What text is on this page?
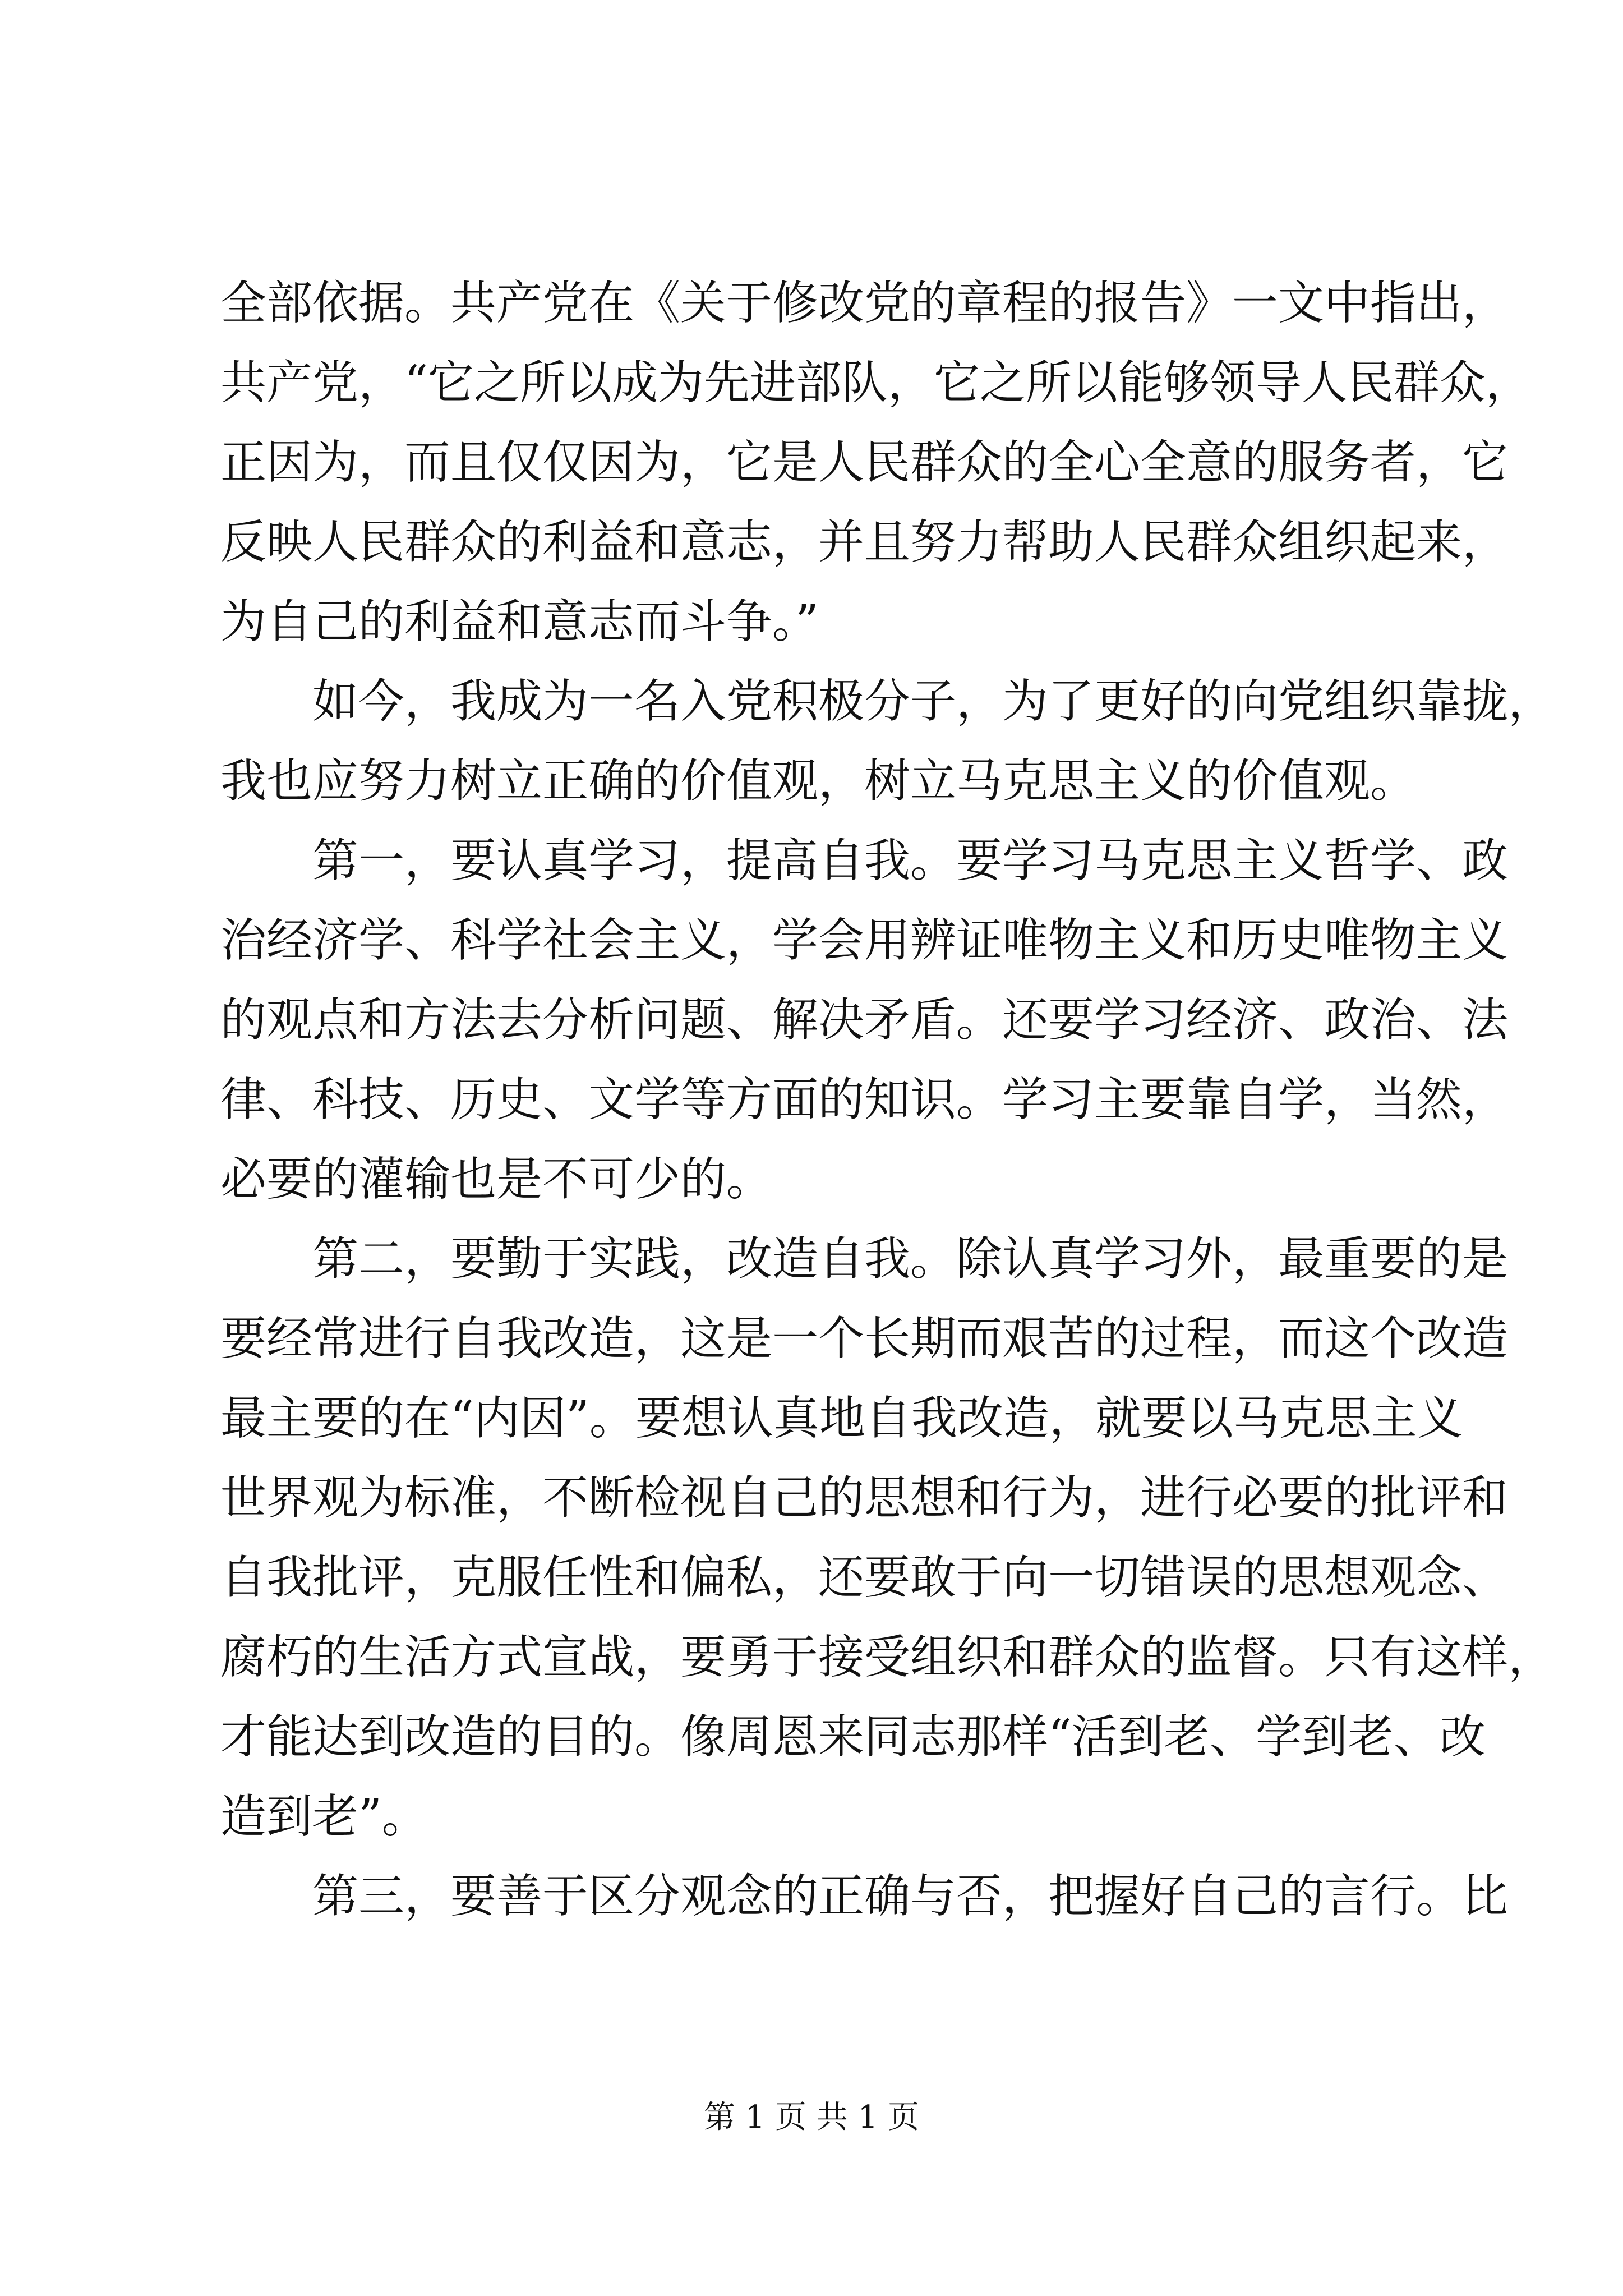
全部依据。共产党在《关于修改党的章程的报告》一文中指出，
共产党，“它之所以成为先进部队，它之所以能够领导人民群众，
正因为，而且仅仅因为，它是人民群众的全心全意的服务者，它
反映人民群众的利益和意志，并且努力帮助人民群众组织起来，
为自己的利益和意志而斗争。”
如今，我成为一名入党积极分子，为了更好的向党组织靠拢，
我也应努力树立正确的价值观，树立马克思主义的价值观。
第一，要认真学习，提高自我。要学习马克思主义哲学、政
治经济学、科学社会主义，学会用辨证唯物主义和历史唯物主义
的观点和方法去分析问题、解决矛盾。还要学习经济、政治、法
律、科技、历史、文学等方面的知识。学习主要靠自学，当然，
必要的灌输也是不可少的。
第二，要勤于实践，改造自我。除认真学习外，最重要的是
要经常进行自我改造，这是一个长期而艰苦的过程，而这个改造
最主要的在“内因”。要想认真地自我改造，就要以马克思主义
世界观为标准，不断检视自己的思想和行为，进行必要的批评和
自我批评，克服任性和偏私，还要敢于向一切错误的思想观念、
腐朽的生活方式宣战，要勇于接受组织和群众的监督。只有这样，
才能达到改造的目的。像周恩来同志那样“活到老、学到老、改
造到老”。
第三，要善于区分观念的正确与否，把握好自己的言行。比
第 1 页 共 1 页
